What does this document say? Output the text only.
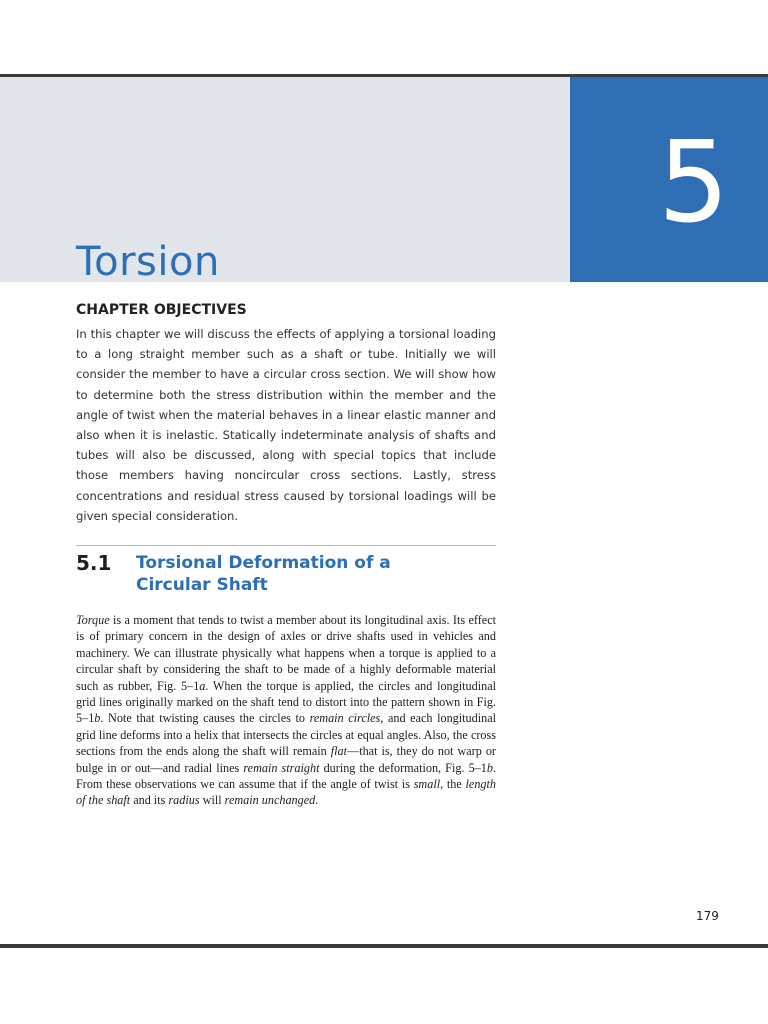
Torsion
5
CHAPTER OBJECTIVES

In this chapter we will discuss the effects of applying a torsional loading to a long straight member such as a shaft or tube. Initially we will consider the member to have a circular cross section. We will show how to determine both the stress distribution within the member and the angle of twist when the material behaves in a linear elastic manner and also when it is inelastic. Statically indeterminate analysis of shafts and tubes will also be discussed, along with special topics that include those members having noncircular cross sections. Lastly, stress concentrations and residual stress caused by torsional loadings will be given special consideration.

5.1 Torsional Deformation of a Circular Shaft

Torque is a moment that tends to twist a member about its longitudinal axis. Its effect is of primary concern in the design of axles or drive shafts used in vehicles and machinery. We can illustrate physically what happens when a torque is applied to a circular shaft by considering the shaft to be made of a highly deformable material such as rubber, Fig. 5–1a. When the torque is applied, the circles and longitudinal grid lines originally marked on the shaft tend to distort into the pattern shown in Fig. 5–1b. Note that twisting causes the circles to remain circles, and each longitudinal grid line deforms into a helix that intersects the circles at equal angles. Also, the cross sections from the ends along the shaft will remain flat—that is, they do not warp or bulge in or out—and radial lines remain straight during the deformation, Fig. 5–1b. From these observations we can assume that if the angle of twist is small, the length of the shaft and its radius will remain unchanged.

179
